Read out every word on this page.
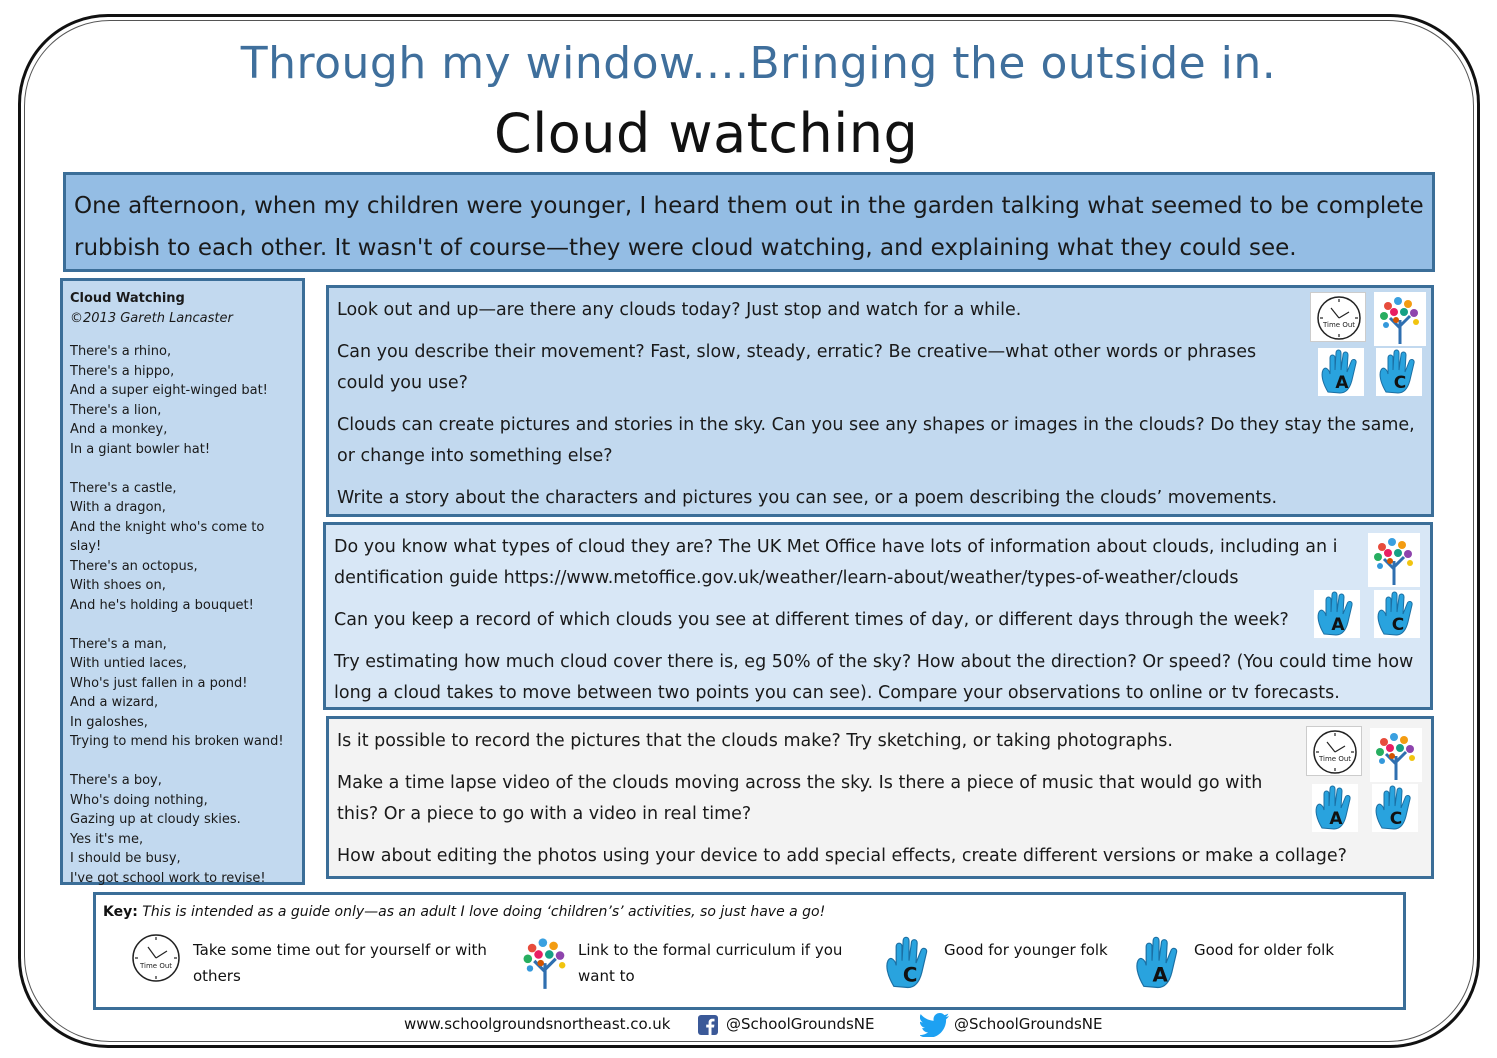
Through my window....Bringing the outside in.
Cloud watching
One afternoon, when my children were younger, I heard them out in the garden talking what seemed to be complete rubbish to each other. It wasn't of course—they were cloud watching, and explaining what they could see.
Cloud Watching
©2013 Gareth Lancaster
There's a rhino,
There's a hippo,
And a super eight-winged bat!
There's a lion,
And a monkey,
In a giant bowler hat!
There's a castle,
With a dragon,
And the knight who's come to slay!
There's an octopus,
With shoes on,
And he's holding a bouquet!
There's a man,
With untied laces,
Who's just fallen in a pond!
And a wizard,
In galoshes,
Trying to mend his broken wand!
There's a boy,
Who's doing nothing,
Gazing up at cloudy skies.
Yes it's me,
I should be busy,
I've got school work to revise!

Look out and up—are there any clouds today? Just stop and watch for a while.

Can you describe their movement? Fast, slow, steady, erratic? Be creative—what other words or phrases could you use?

Clouds can create pictures and stories in the sky. Can you see any shapes or images in the clouds? Do they stay the same, or change into something else?

Write a story about the characters and pictures you can see, or a poem describing the clouds’ movements.

Time Out
A	C

Do you know what types of cloud they are? The UK Met Office have lots of information about clouds, including an identification guide https://www.metoffice.gov.uk/weather/learn-about/weather/types-of-weather/clouds

Can you keep a record of which clouds you see at different times of day, or different days through the week?

Try estimating how much cloud cover there is, eg 50% of the sky? How about the direction? Or speed? (You could time how long a cloud takes to move between two points you can see). Compare your observations to online or tv forecasts.

A	C

Is it possible to record the pictures that the clouds make? Try sketching, or taking photographs.

Make a time lapse video of the clouds moving across the sky. Is there a piece of music that would go with this? Or a piece to go with a video in real time?

How about editing the photos using your device to add special effects, create different versions or make a collage?

Time Out
A	C
Key: This is intended as a guide only—as an adult I love doing ‘children’s’ activities, so just have a go!
Time Out
Take some time out for yourself or with others
Link to the formal curriculum if you want to	C
Good for younger folk
A
Good for older folk
www.schoolgroundsnortheast.co.uk	@SchoolGroundsNE	@SchoolGroundsNE
